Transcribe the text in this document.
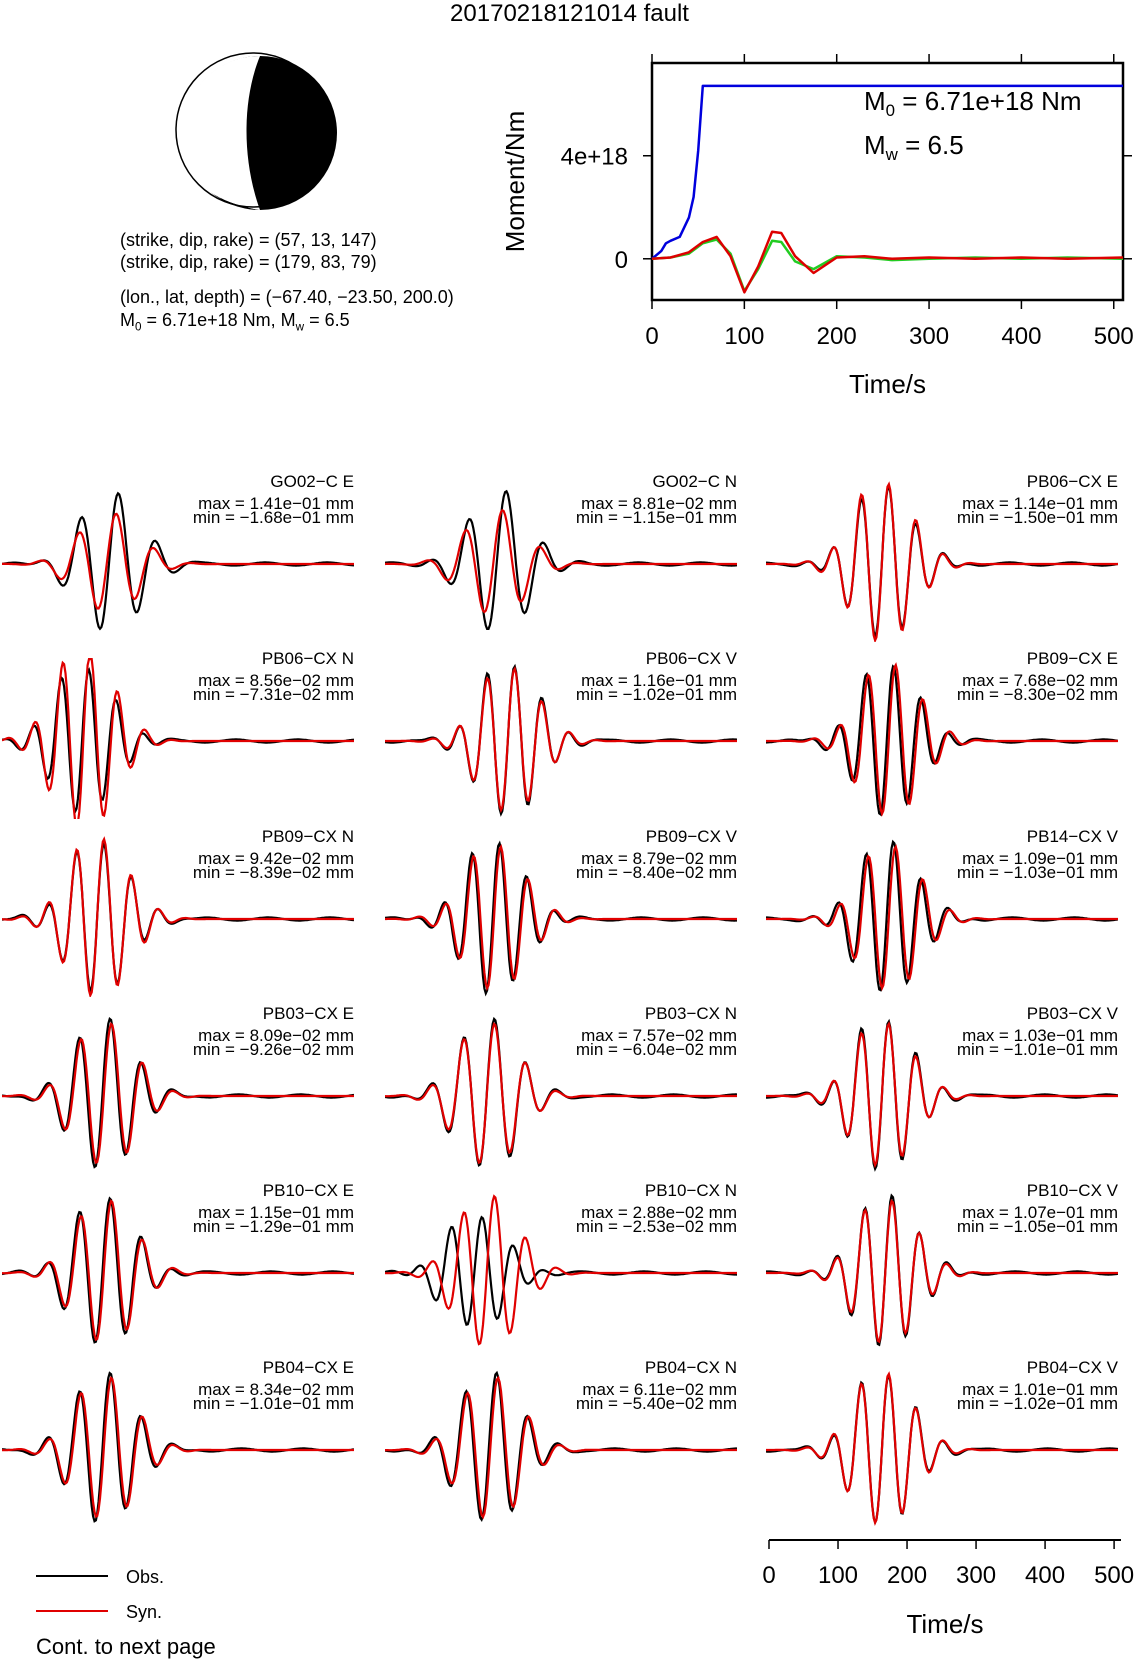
20170218121014 fault
(strike, dip, rake) = (57, 13, 147)
(strike, dip, rake) = (179, 83, 79)
(lon., lat, depth) = (−67.40, −23.50, 200.0)
$M_0 = 6.71e+18$ Nm, $M_w = 6.5$
0	100 200 300 400 500
0
4e+18
Time/s
Moment/Nm
$M_0 = 6.71e+18$ Nm
$M_w = 6.5$
GO02−C E
max = 1.41e−01 mm
min = −1.68e−01 mm
GO02−C N
max = 8.81e−02 mm
min = −1.15e−01 mm
PB06−CX E
max = 1.14e−01 mm
min = −1.50e−01 mm
PB06−CX N
max = 8.56e−02 mm
min = −7.31e−02 mm
PB06−CX V
max = 1.16e−01 mm
min = −1.02e−01 mm
PB09−CX E
max = 7.68e−02 mm
min = −8.30e−02 mm
PB09−CX N
max = 9.42e−02 mm
min = −8.39e−02 mm
PB09−CX V
max = 8.79e−02 mm
min = −8.40e−02 mm
PB14−CX V
max = 1.09e−01 mm
min = −1.03e−01 mm
PB03−CX E
max = 8.09e−02 mm
min = −9.26e−02 mm
PB03−CX N
max = 7.57e−02 mm
min = −6.04e−02 mm
PB03−CX V
max = 1.03e−01 mm
min = −1.01e−01 mm
PB10−CX E
max = 1.15e−01 mm
min = −1.29e−01 mm
PB10−CX N
max = 2.88e−02 mm
min = −2.53e−02 mm
PB10−CX V
max = 1.07e−01 mm
min = −1.05e−01 mm
PB04−CX E
max = 8.34e−02 mm
min = −1.01e−01 mm
PB04−CX N
max = 6.11e−02 mm
min = −5.40e−02 mm
PB04−CX V
max = 1.01e−01 mm
min = −1.02e−01 mm
0 100 200 300 400 500
Time/s
Obs.
Syn.
Cont. to next page
